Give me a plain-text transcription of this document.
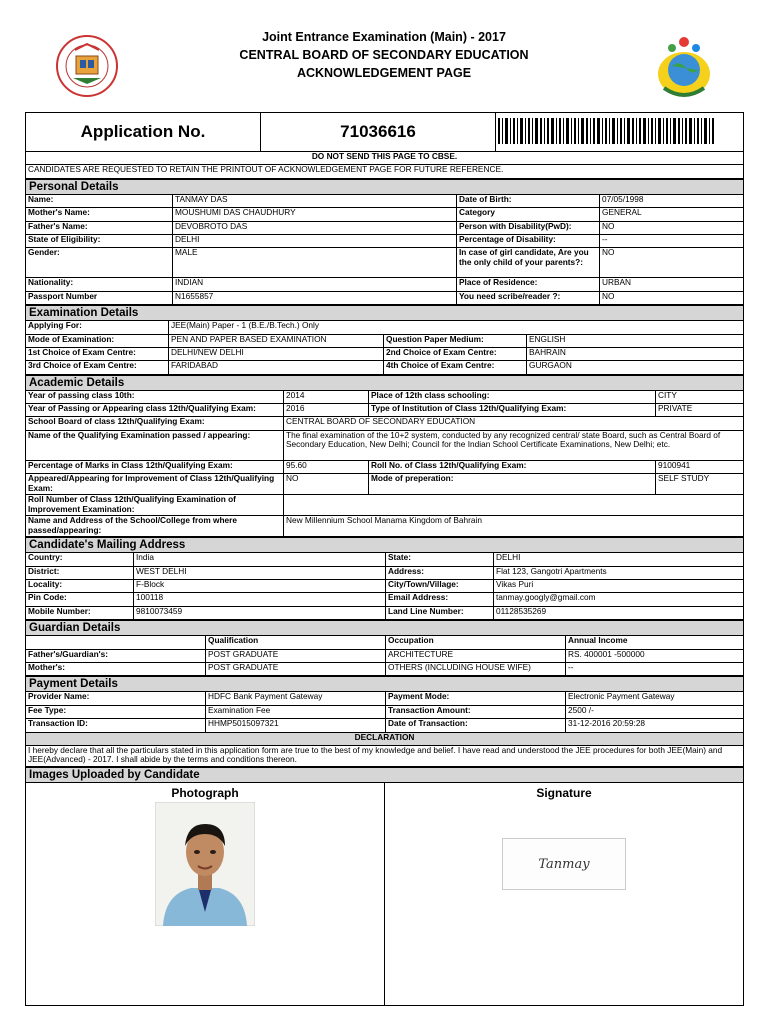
Joint Entrance Examination (Main) - 2017
CENTRAL BOARD OF SECONDARY EDUCATION
ACKNOWLEDGEMENT PAGE
Application No.	71036616	
DO NOT SEND THIS PAGE TO CBSE.
CANDIDATES ARE REQUESTED TO RETAIN THE PRINTOUT OF ACKNOWLEDGEMENT PAGE FOR FUTURE REFERENCE.
Personal Details			
Name:	TANMAY DAS	Date of Birth:	07/05/1998
Mother's Name:	MOUSHUMI DAS CHAUDHURY	Category	GENERAL
Father's Name:	DEVOBROTO DAS	Person with Disability(PwD):	NO
State of Eligibility:	DELHI	Percentage of Disability:	--
Gender:	MALE	In case of girl candidate, Are you the only child of your parents?:	NO
Nationality:	INDIAN	Place of Residence:	URBAN
Passport Number	N1655857	You need scribe/reader ?:	NO
Examination Details			
Applying For:	JEE(Main) Paper - 1 (B.E./B.Tech.) Only		
Mode of Examination:	PEN AND PAPER BASED EXAMINATION	Question Paper Medium:	ENGLISH
1st Choice of Exam Centre:	DELHI/NEW DELHI	2nd Choice of Exam Centre:	BAHRAIN
3rd Choice of Exam Centre:	FARIDABAD	4th Choice of Exam Centre:	GURGAON
Academic Details			
Year of passing class 10th:	2014	Place of 12th class schooling:	CITY
Year of Passing or Appearing class 12th/Qualifying Exam:	2016	Type of Institution of Class 12th/Qualifying Exam:	PRIVATE
School Board of class 12th/Qualifying Exam:	CENTRAL BOARD OF SECONDARY EDUCATION		
Name of the Qualifying Examination passed / appearing:	The final examination of the 10+2 system, conducted by any recognized central/ state Board, such as Central Board of Secondary Education, New Delhi; Council for the Indian School Certificate Examinations, New Delhi; etc.		
Percentage of Marks in Class 12th/Qualifying Exam:	95.60	Roll No. of Class 12th/Qualifying Exam:	9100941
Appeared/Appearing for Improvement of Class 12th/Qualifying Exam:	NO	Mode of preperation:	SELF STUDY
Roll Number of Class 12th/Qualifying Examination of Improvement Examination:			
Name and Address of the School/College from where passed/appearing:	New Millennium School Manama Kingdom of Bahrain		
Candidate's Mailing Address			
Country:	India	State:	DELHI
District:	WEST DELHI	Address:	Flat 123, Gangotri Apartments
Locality:	F-Block	City/Town/Village:	Vikas Puri
Pin Code:	100118	Email Address:	tanmay.googly@gmail.com
Mobile Number:	9810073459	Land Line Number:	01128535269
Guardian Details			
	Qualification	Occupation	Annual Income
Father's/Guardian's:	POST GRADUATE	ARCHITECTURE	RS. 400001 -500000
Mother's:	POST GRADUATE	OTHERS (INCLUDING HOUSE WIFE)	--
Payment Details			
Provider Name:	HDFC Bank Payment Gateway	Payment Mode:	Electronic Payment Gateway
Fee Type:	Examination Fee	Transaction Amount:	2500 /-
Transaction ID:	HHMP5015097321	Date of Transaction:	31-12-2016 20:59:28
DECLARATION			
I hereby declare that all the particulars stated in this application form are true to the best of my knowledge and belief. I have read and understood the JEE procedures for both JEE(Main) and JEE(Advanced) - 2017. I shall abide by the terms and conditions thereon.			
Images Uploaded by Candidate

Photograph	Signature
Tanmay
